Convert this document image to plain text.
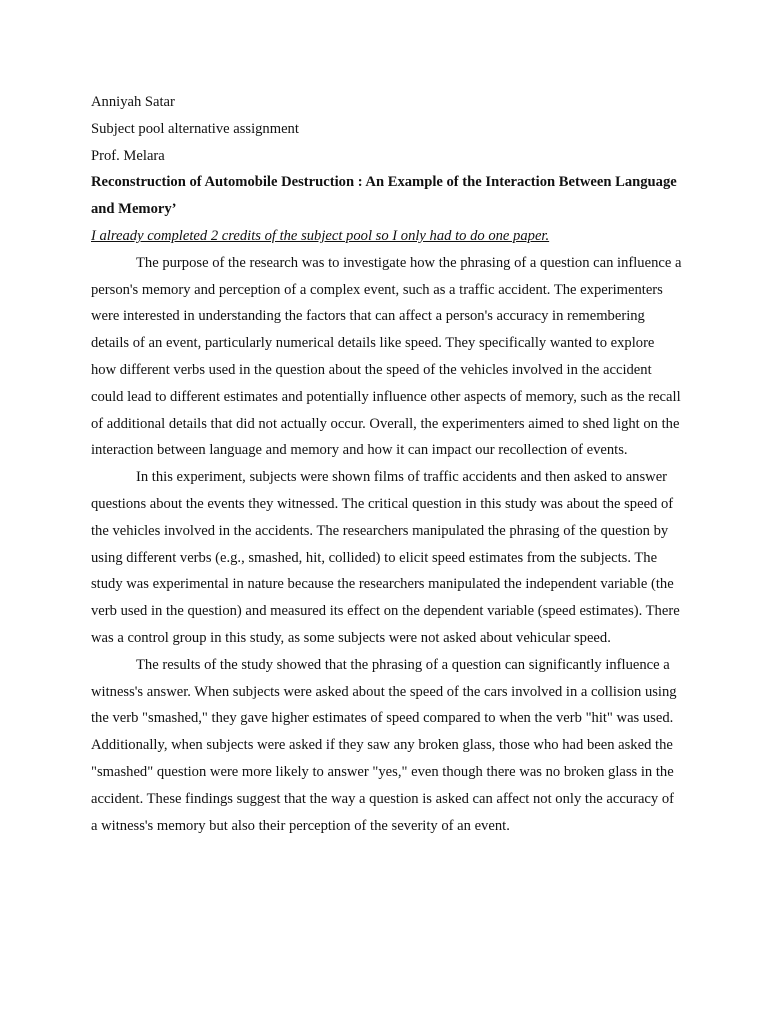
Anniyah Satar

Subject pool alternative assignment

Prof. Melara

Reconstruction of Automobile Destruction : An Example of the Interaction Between Language and Memory’

I already completed 2 credits of the subject pool so I only had to do one paper.

The purpose of the research was to investigate how the phrasing of a question can influence a person's memory and perception of a complex event, such as a traffic accident. The experimenters were interested in understanding the factors that can affect a person's accuracy in remembering details of an event, particularly numerical details like speed. They specifically wanted to explore how different verbs used in the question about the speed of the vehicles involved in the accident could lead to different estimates and potentially influence other aspects of memory, such as the recall of additional details that did not actually occur. Overall, the experimenters aimed to shed light on the interaction between language and memory and how it can impact our recollection of events.

In this experiment, subjects were shown films of traffic accidents and then asked to answer questions about the events they witnessed. The critical question in this study was about the speed of the vehicles involved in the accidents. The researchers manipulated the phrasing of the question by using different verbs (e.g., smashed, hit, collided) to elicit speed estimates from the subjects. The study was experimental in nature because the researchers manipulated the independent variable (the verb used in the question) and measured its effect on the dependent variable (speed estimates). There was a control group in this study, as some subjects were not asked about vehicular speed.

The results of the study showed that the phrasing of a question can significantly influence a witness's answer. When subjects were asked about the speed of the cars involved in a collision using the verb "smashed," they gave higher estimates of speed compared to when the verb "hit" was used. Additionally, when subjects were asked if they saw any broken glass, those who had been asked the "smashed" question were more likely to answer "yes," even though there was no broken glass in the accident. These findings suggest that the way a question is asked can affect not only the accuracy of a witness's memory but also their perception of the severity of an event.
